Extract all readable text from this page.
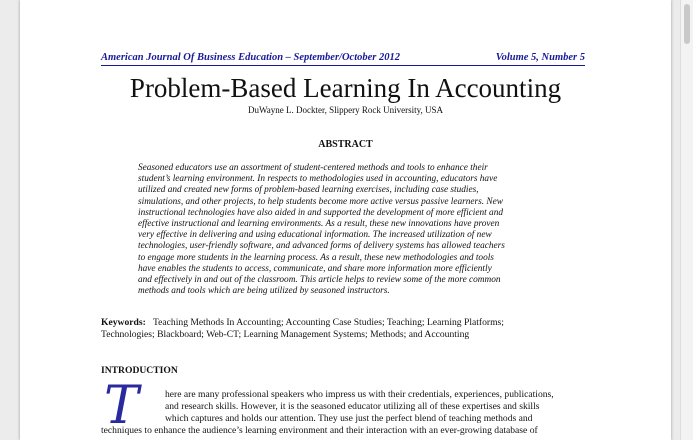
American Journal Of Business Education – September/October 2012	Volume 5, Number 5
Problem-Based Learning In Accounting
DuWayne L. Dockter, Slippery Rock University, USA
ABSTRACT
Seasoned educators use an assortment of student-centered methods and tools to enhance their
student’s learning environment. In respects to methodologies used in accounting, educators have
utilized and created new forms of problem-based learning exercises, including case studies,
simulations, and other projects, to help students become more active versus passive learners. New
instructional technologies have also aided in and supported the development of more efficient and
effective instructional and learning environments. As a result, these new innovations have proven
very effective in delivering and using educational information. The increased utilization of new
technologies, user-friendly software, and advanced forms of delivery systems has allowed teachers
to engage more students in the learning process. As a result, these new methodologies and tools
have enables the students to access, communicate, and share more information more efficiently
and effectively in and out of the classroom. This article helps to review some of the more common
methods and tools which are being utilized by seasoned instructors.
Keywords: Teaching Methods In Accounting; Accounting Case Studies; Teaching; Learning Platforms;
Technologies; Blackboard; Web-CT; Learning Management Systems; Methods; and Accounting
INTRODUCTION
T	here are many professional speakers who impress us with their credentials, experiences, publications,
and research skills. However, it is the seasoned educator utilizing all of these expertises and skills
which captures and holds our attention. They use just the perfect blend of teaching methods and
techniques to enhance the audience’s learning environment and their interaction with an ever-growing database of
